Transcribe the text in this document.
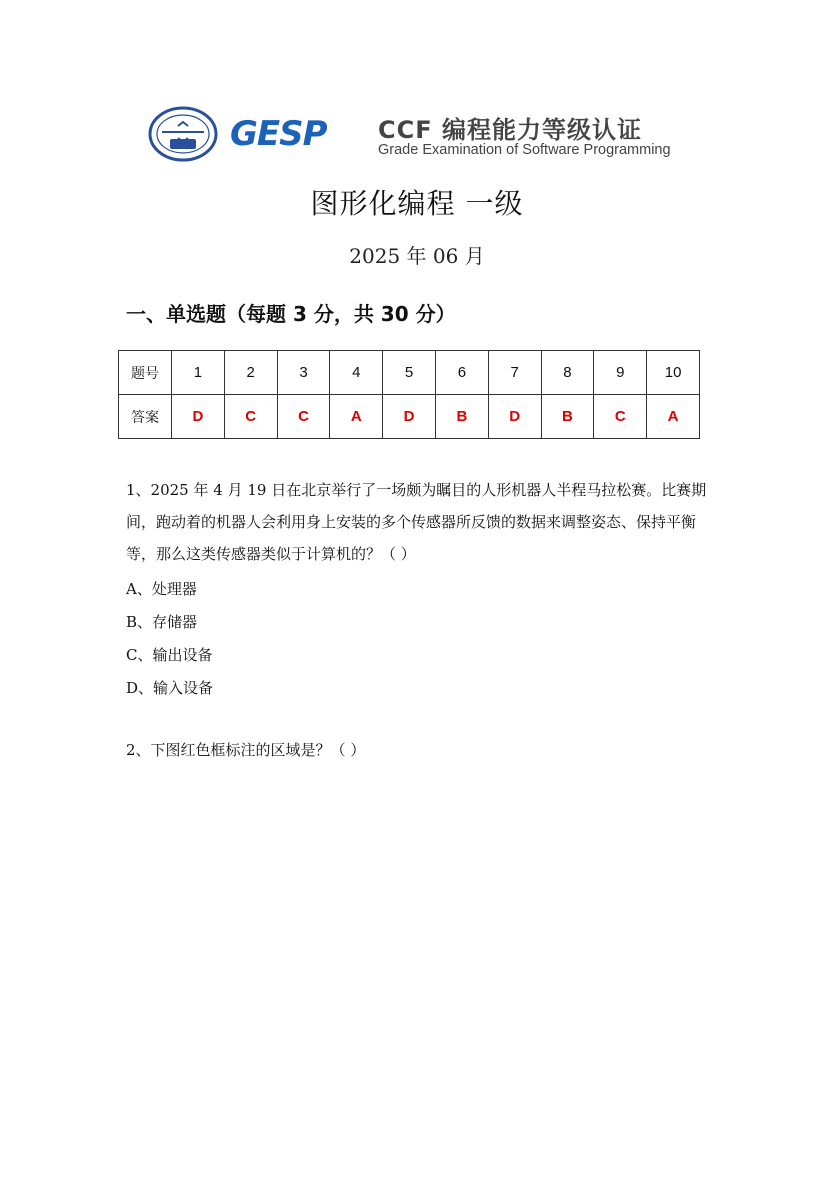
GESP CCF 编程能力等级认证
Grade Examination of Software Programming
图形化编程 一级
2025 年 06 月
一、单选题（每题 3 分，共 30 分）
题号	1	2	3	4	5	6	7	8	9	10
答案	D	C	C	A	D	B	D	B	C	A
1、2025 年 4 月 19 日在北京举行了一场颇为瞩目的人形机器人半程马拉松赛。比赛期间，跑动着的机器人会利用身上安装的多个传感器所反馈的数据来调整姿态、保持平衡等，那么这类传感器类似于计算机的？（ ）
A、处理器
B、存储器
C、输出设备
D、输入设备
2、下图红色框标注的区域是？（ ）
